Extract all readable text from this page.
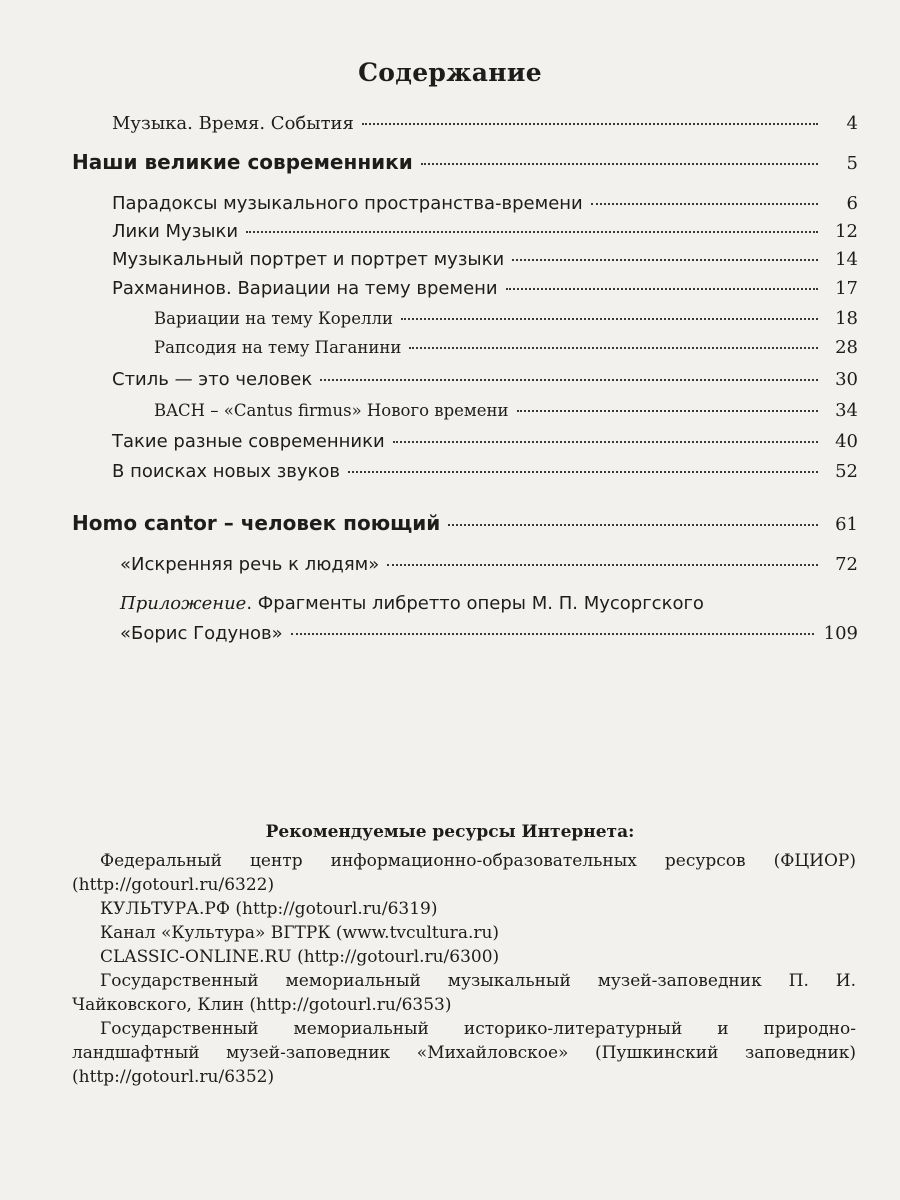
Содержание
Музыка. Время. События	4
Наши великие современники	5
Парадоксы музыкального пространства-времени	6
Лики Музыки	12
Музыкальный портрет и портрет музыки	14
Рахманинов. Вариации на тему времени	17
Вариации на тему Корелли	18
Рапсодия на тему Паганини	28
Стиль — это человек	30
BACH – «Cantus firmus» Нового времени	34
Такие разные современники	40
В поисках новых звуков	52
Homo cantor – человек поющий	61
«Искренняя речь к людям»	72
Приложение. Фрагменты либретто оперы М. П. Мусоргского
«Борис Годунов»	109
Рекомендуемые ресурсы Интернета:

Федеральный центр информационно-образовательных ресурсов (ФЦИОР) (http://gotourl.ru/6322)

КУЛЬТУРА.РФ (http://gotourl.ru/6319)

Канал «Культура» ВГТРК (www.tvcultura.ru)

CLASSIC-ONLINE.RU (http://gotourl.ru/6300)

Государственный мемориальный музыкальный музей-заповедник П. И. Чайковского, Клин (http://gotourl.ru/6353)

Государственный мемориальный историко-литературный и природно-ландшафтный музей-заповедник «Михайловское» (Пушкинский заповедник) (http://gotourl.ru/6352)
